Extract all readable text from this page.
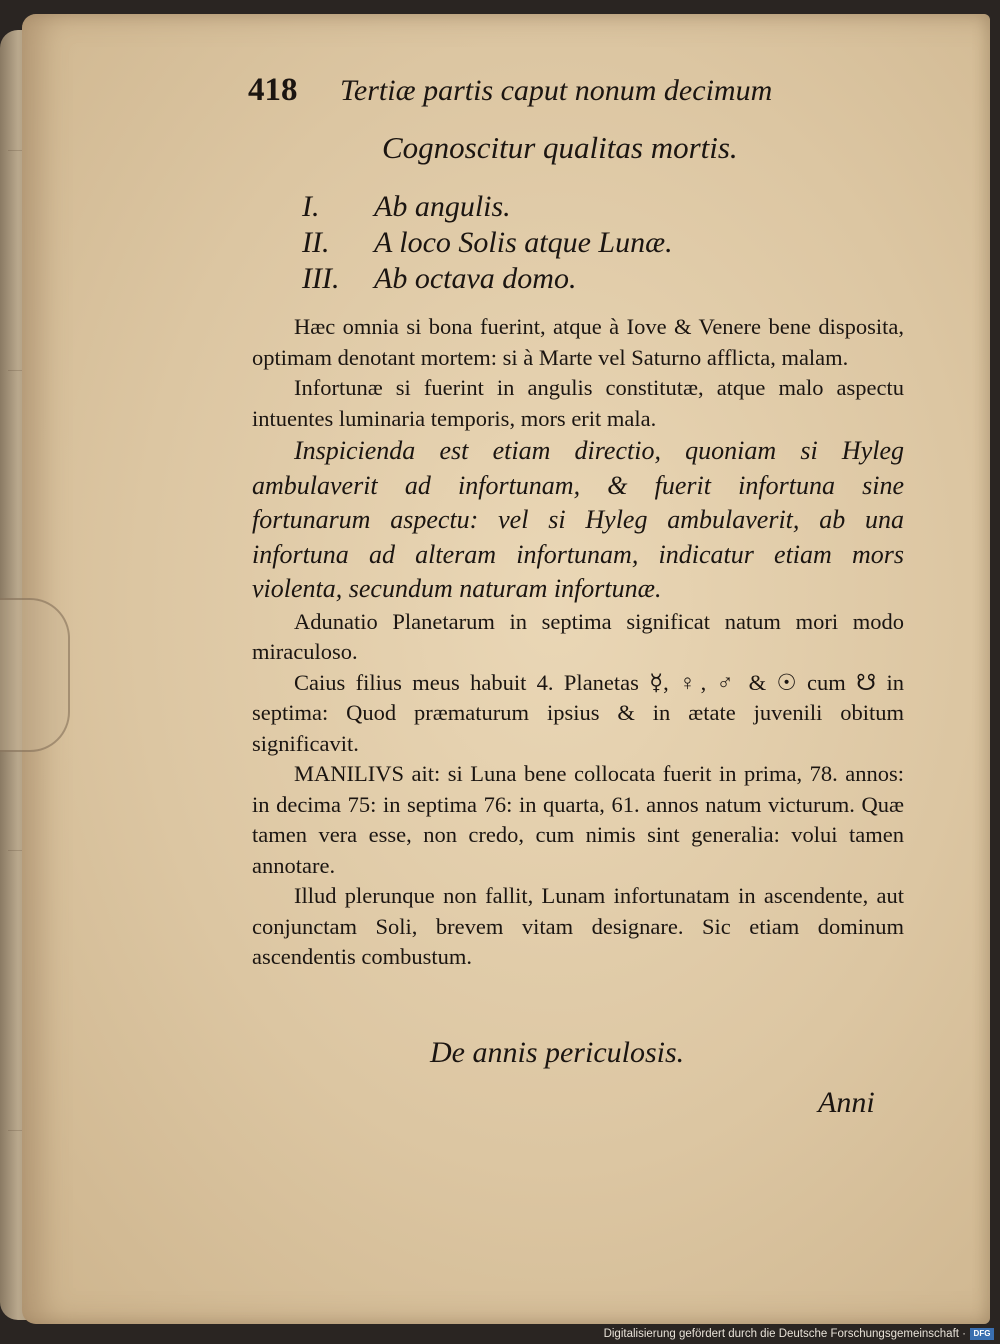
418 Tertiæ partis caput nonum decimum
Cognoscitur qualitas mortis.
I. Ab angulis.
II. A loco Solis atque Lunæ.
III. Ab octava domo.

Hæc omnia si bona fuerint, atque à Iove & Venere bene disposita, optimam denotant mortem: si à Marte vel Saturno afflicta, malam.

Infortunæ si fuerint in angulis constitutæ, atque malo aspectu intuentes luminaria temporis, mors erit mala.

Inspicienda est etiam directio, quoniam si Hyleg ambulaverit ad infortunam, & fuerit infortuna sine fortunarum aspectu: vel si Hyleg ambulaverit, ab una infortuna ad alteram infortunam, indicatur etiam mors violenta, secundum naturam infortunæ.

Adunatio Planetarum in septima significat natum mori modo miraculoso.

Caius filius meus habuit 4. Planetas ☿, ♀, ♂ & ☉ cum ☋ in septima: Quod præmaturum ipsius & in ætate juvenili obitum significavit.

MANILIVS ait: si Luna bene collocata fuerit in prima, 78. annos: in decima 75: in septima 76: in quarta, 61. annos natum victurum. Quæ tamen vera esse, non credo, cum nimis sint generalia: volui tamen annotare.

Illud plerunque non fallit, Lunam infortunatam in ascendente, aut conjunctam Soli, brevem vitam designare. Sic etiam dominum ascendentis combustum.

De annis periculosis.
Anni
Digitalisierung gefördert durch die Deutsche Forschungsgemeinschaft · DFG
